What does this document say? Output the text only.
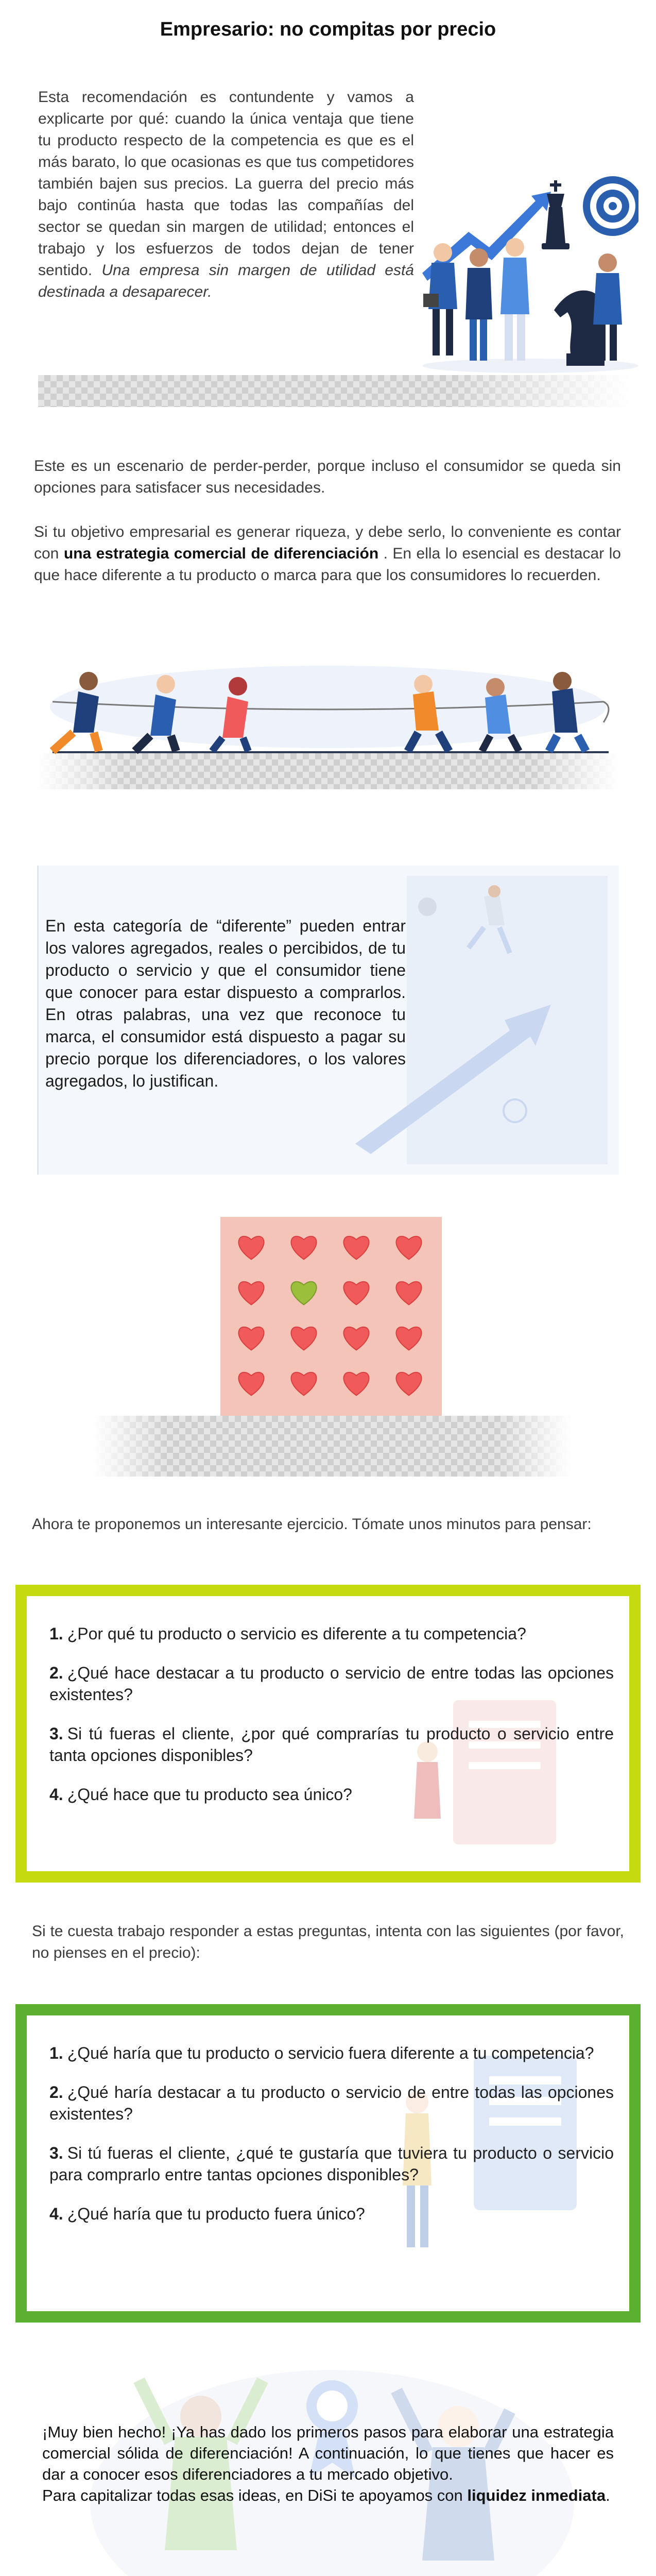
Empresario: no compitas por precio
Esta recomendación es contundente y vamos a explicarte por qué: cuando la única ventaja que tiene tu producto respecto de la competencia es que es el más barato, lo que ocasionas es que tus competidores también bajen sus precios. La guerra del precio más bajo continúa hasta que todas las compañías del sector se quedan sin margen de utilidad; entonces el trabajo y los esfuerzos de todos dejan de tener sentido. Una empresa sin margen de utilidad está destinada a desaparecer.
Este es un escenario de perder-perder, porque incluso el consumidor se queda sin opciones para satisfacer sus necesidades.
Si tu objetivo empresarial es generar riqueza, y debe serlo, lo conveniente es contar con una estrategia comercial de diferenciación . En ella lo esencial es destacar lo que hace diferente a tu producto o marca para que los consumidores lo recuerden.
En esta categoría de “diferente” pueden entrar los valores agregados, reales o percibidos, de tu producto o servicio y que el consumidor tiene que conocer para estar dispuesto a comprarlos. En otras palabras, una vez que reconoce tu marca, el consumidor está dispuesto a pagar su precio porque los diferenciadores, o los valores agregados, lo justifican.
Ahora te proponemos un interesante ejercicio. Tómate unos minutos para pensar:
1. ¿Por qué tu producto o servicio es diferente a tu competencia?
2. ¿Qué hace destacar a tu producto o servicio de entre todas las opciones existentes?
3. Si tú fueras el cliente, ¿por qué comprarías tu producto o servicio entre tanta opciones disponibles?
4. ¿Qué hace que tu producto sea único?
Si te cuesta trabajo responder a estas preguntas, intenta con las siguientes (por favor, no pienses en el precio):
1. ¿Qué haría que tu producto o servicio fuera diferente a tu competencia?
2. ¿Qué haría destacar a tu producto o servicio de entre todas las opciones existentes?
3. Si tú fueras el cliente, ¿qué te gustaría que tuviera tu producto o servicio para comprarlo entre tantas opciones disponibles?
4. ¿Qué haría que tu producto fuera único?
¡Muy bien hecho! ¡Ya has dado los primeros pasos para elaborar una estrategia comercial sólida de diferenciación! A continuación, lo que tienes que hacer es dar a conocer esos diferenciadores a tu mercado objetivo.
Para capitalizar todas esas ideas, en DiSi te apoyamos con liquidez inmediata.
